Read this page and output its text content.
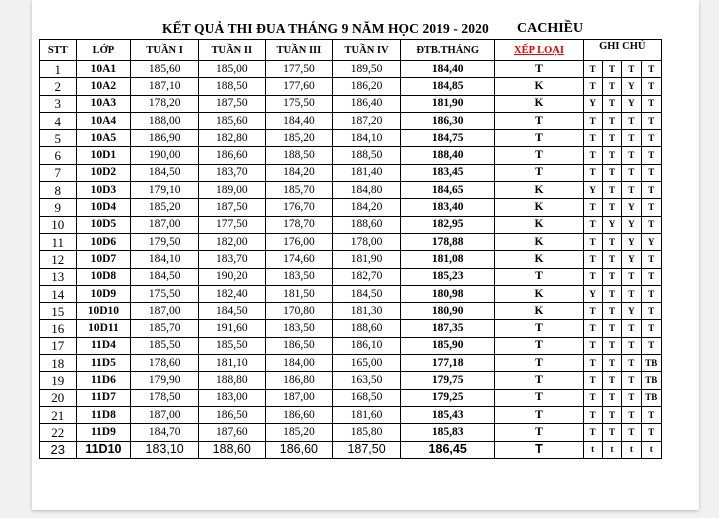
KẾT QUẢ THI ĐUA THÁNG 9 NĂM HỌC 2019 - 2020 CACHIỀU
STT	LỚP	TUẦN I	TUẦN II	TUẦN III	TUẦN IV	ĐTB.THÁNG	XẾP LOẠI	GHI CHÚ			
1	10A1	185,60	185,00	177,50	189,50	184,40	T	T	T	T	T
2	10A2	187,10	188,50	177,60	186,20	184,85	K	T	T	Y	T
3	10A3	178,20	187,50	175,50	186,40	181,90	K	Y	T	Y	T
4	10A4	188,00	185,60	184,40	187,20	186,30	T	T	T	T	T
5	10A5	186,90	182,80	185,20	184,10	184,75	T	T	T	T	T
6	10D1	190,00	186,60	188,50	188,50	188,40	T	T	T	T	T
7	10D2	184,50	183,70	184,20	181,40	183,45	T	T	T	T	T
8	10D3	179,10	189,00	185,70	184,80	184,65	K	Y	T	T	T
9	10D4	185,20	187,50	176,70	184,20	183,40	K	T	T	Y	T
10	10D5	187,00	177,50	178,70	188,60	182,95	K	T	Y	Y	T
11	10D6	179,50	182,00	176,00	178,00	178,88	K	T	T	Y	Y
12	10D7	184,10	183,70	174,60	181,90	181,08	K	T	T	Y	T
13	10D8	184,50	190,20	183,50	182,70	185,23	T	T	T	T	T
14	10D9	175,50	182,40	181,50	184,50	180,98	K	Y	T	T	T
15	10D10	187,00	184,50	170,80	181,30	180,90	K	T	T	Y	T
16	10D11	185,70	191,60	183,50	188,60	187,35	T	T	T	T	T
17	11D4	185,50	185,50	186,50	186,10	185,90	T	T	T	T	T
18	11D5	178,60	181,10	184,00	165,00	177,18	T	T	T	T	TB
19	11D6	179,90	188,80	186,80	163,50	179,75	T	T	T	T	TB
20	11D7	178,50	183,00	187,00	168,50	179,25	T	T	T	T	TB
21	11D8	187,00	186,50	186,60	181,60	185,43	T	T	T	T	T
22	11D9	184,70	187,60	185,20	185,80	185,83	T	T	T	T	T
23	11D10	183,10	188,60	186,60	187,50	186,45	T	t	t	t	t
